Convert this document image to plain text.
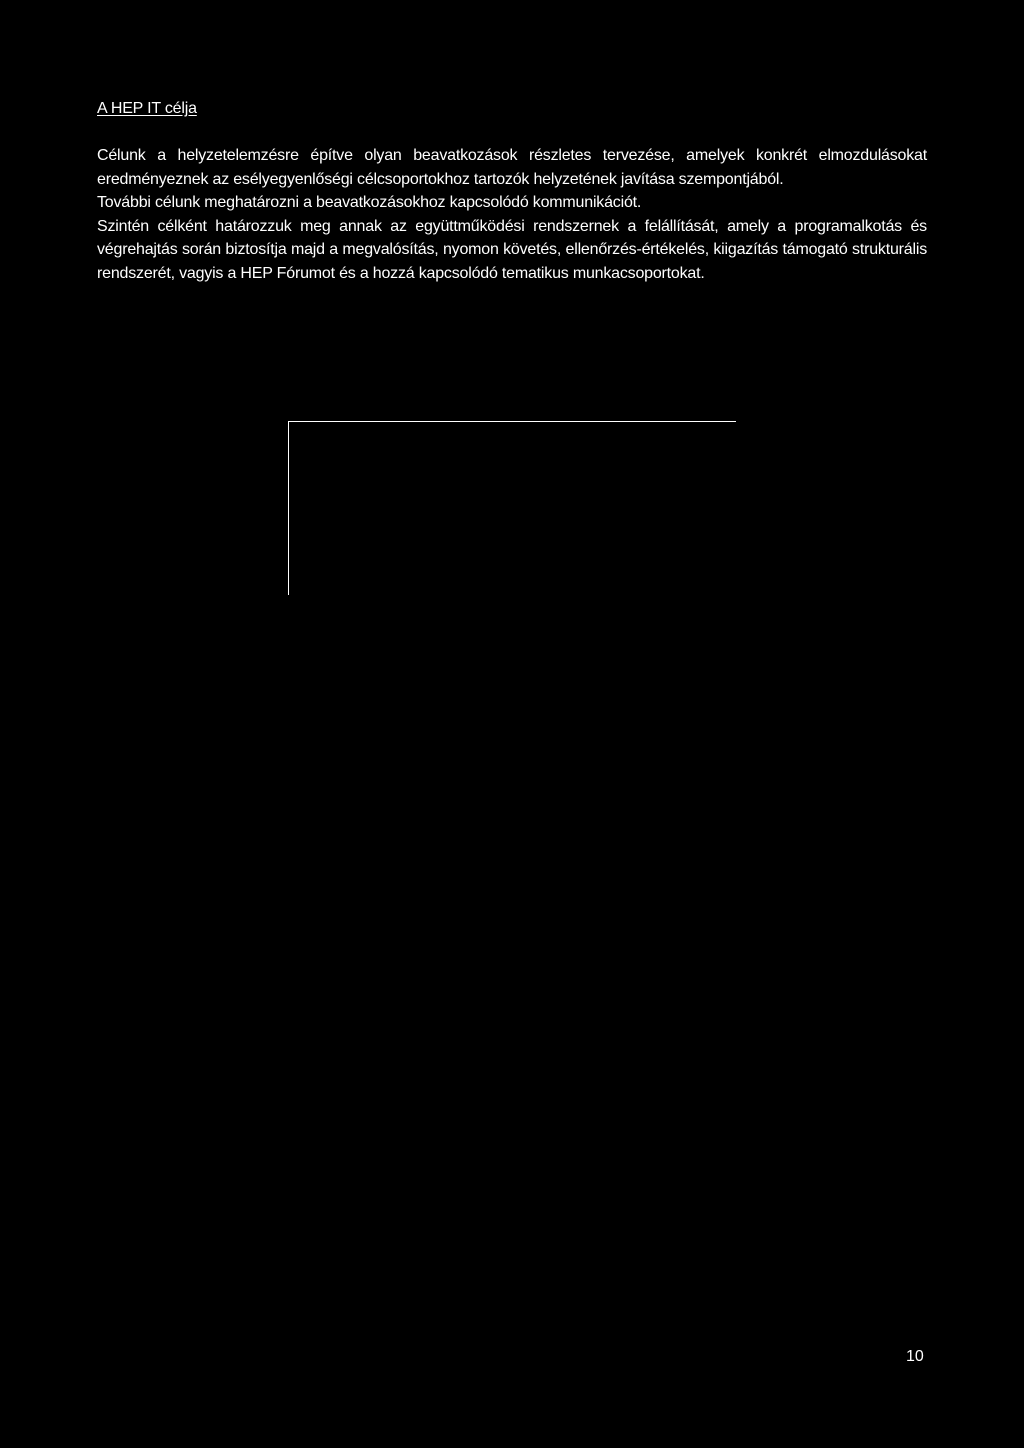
A HEP IT célja

Célunk a helyzetelemzésre építve olyan beavatkozások részletes tervezése, amelyek konkrét elmozdulásokat eredményeznek az esélyegyenlőségi célcsoportokhoz tartozók helyzetének javítása szempontjából.

További célunk meghatározni a beavatkozásokhoz kapcsolódó kommunikációt.

Szintén célként határozzuk meg annak az együttműködési rendszernek a felállítását, amely a programalkotás és végrehajtás során biztosítja majd a megvalósítás, nyomon követés, ellenőrzés-értékelés, kiigazítás támogató strukturális rendszerét, vagyis a HEP Fórumot és a hozzá kapcsolódó tematikus munkacsoportokat.

10
